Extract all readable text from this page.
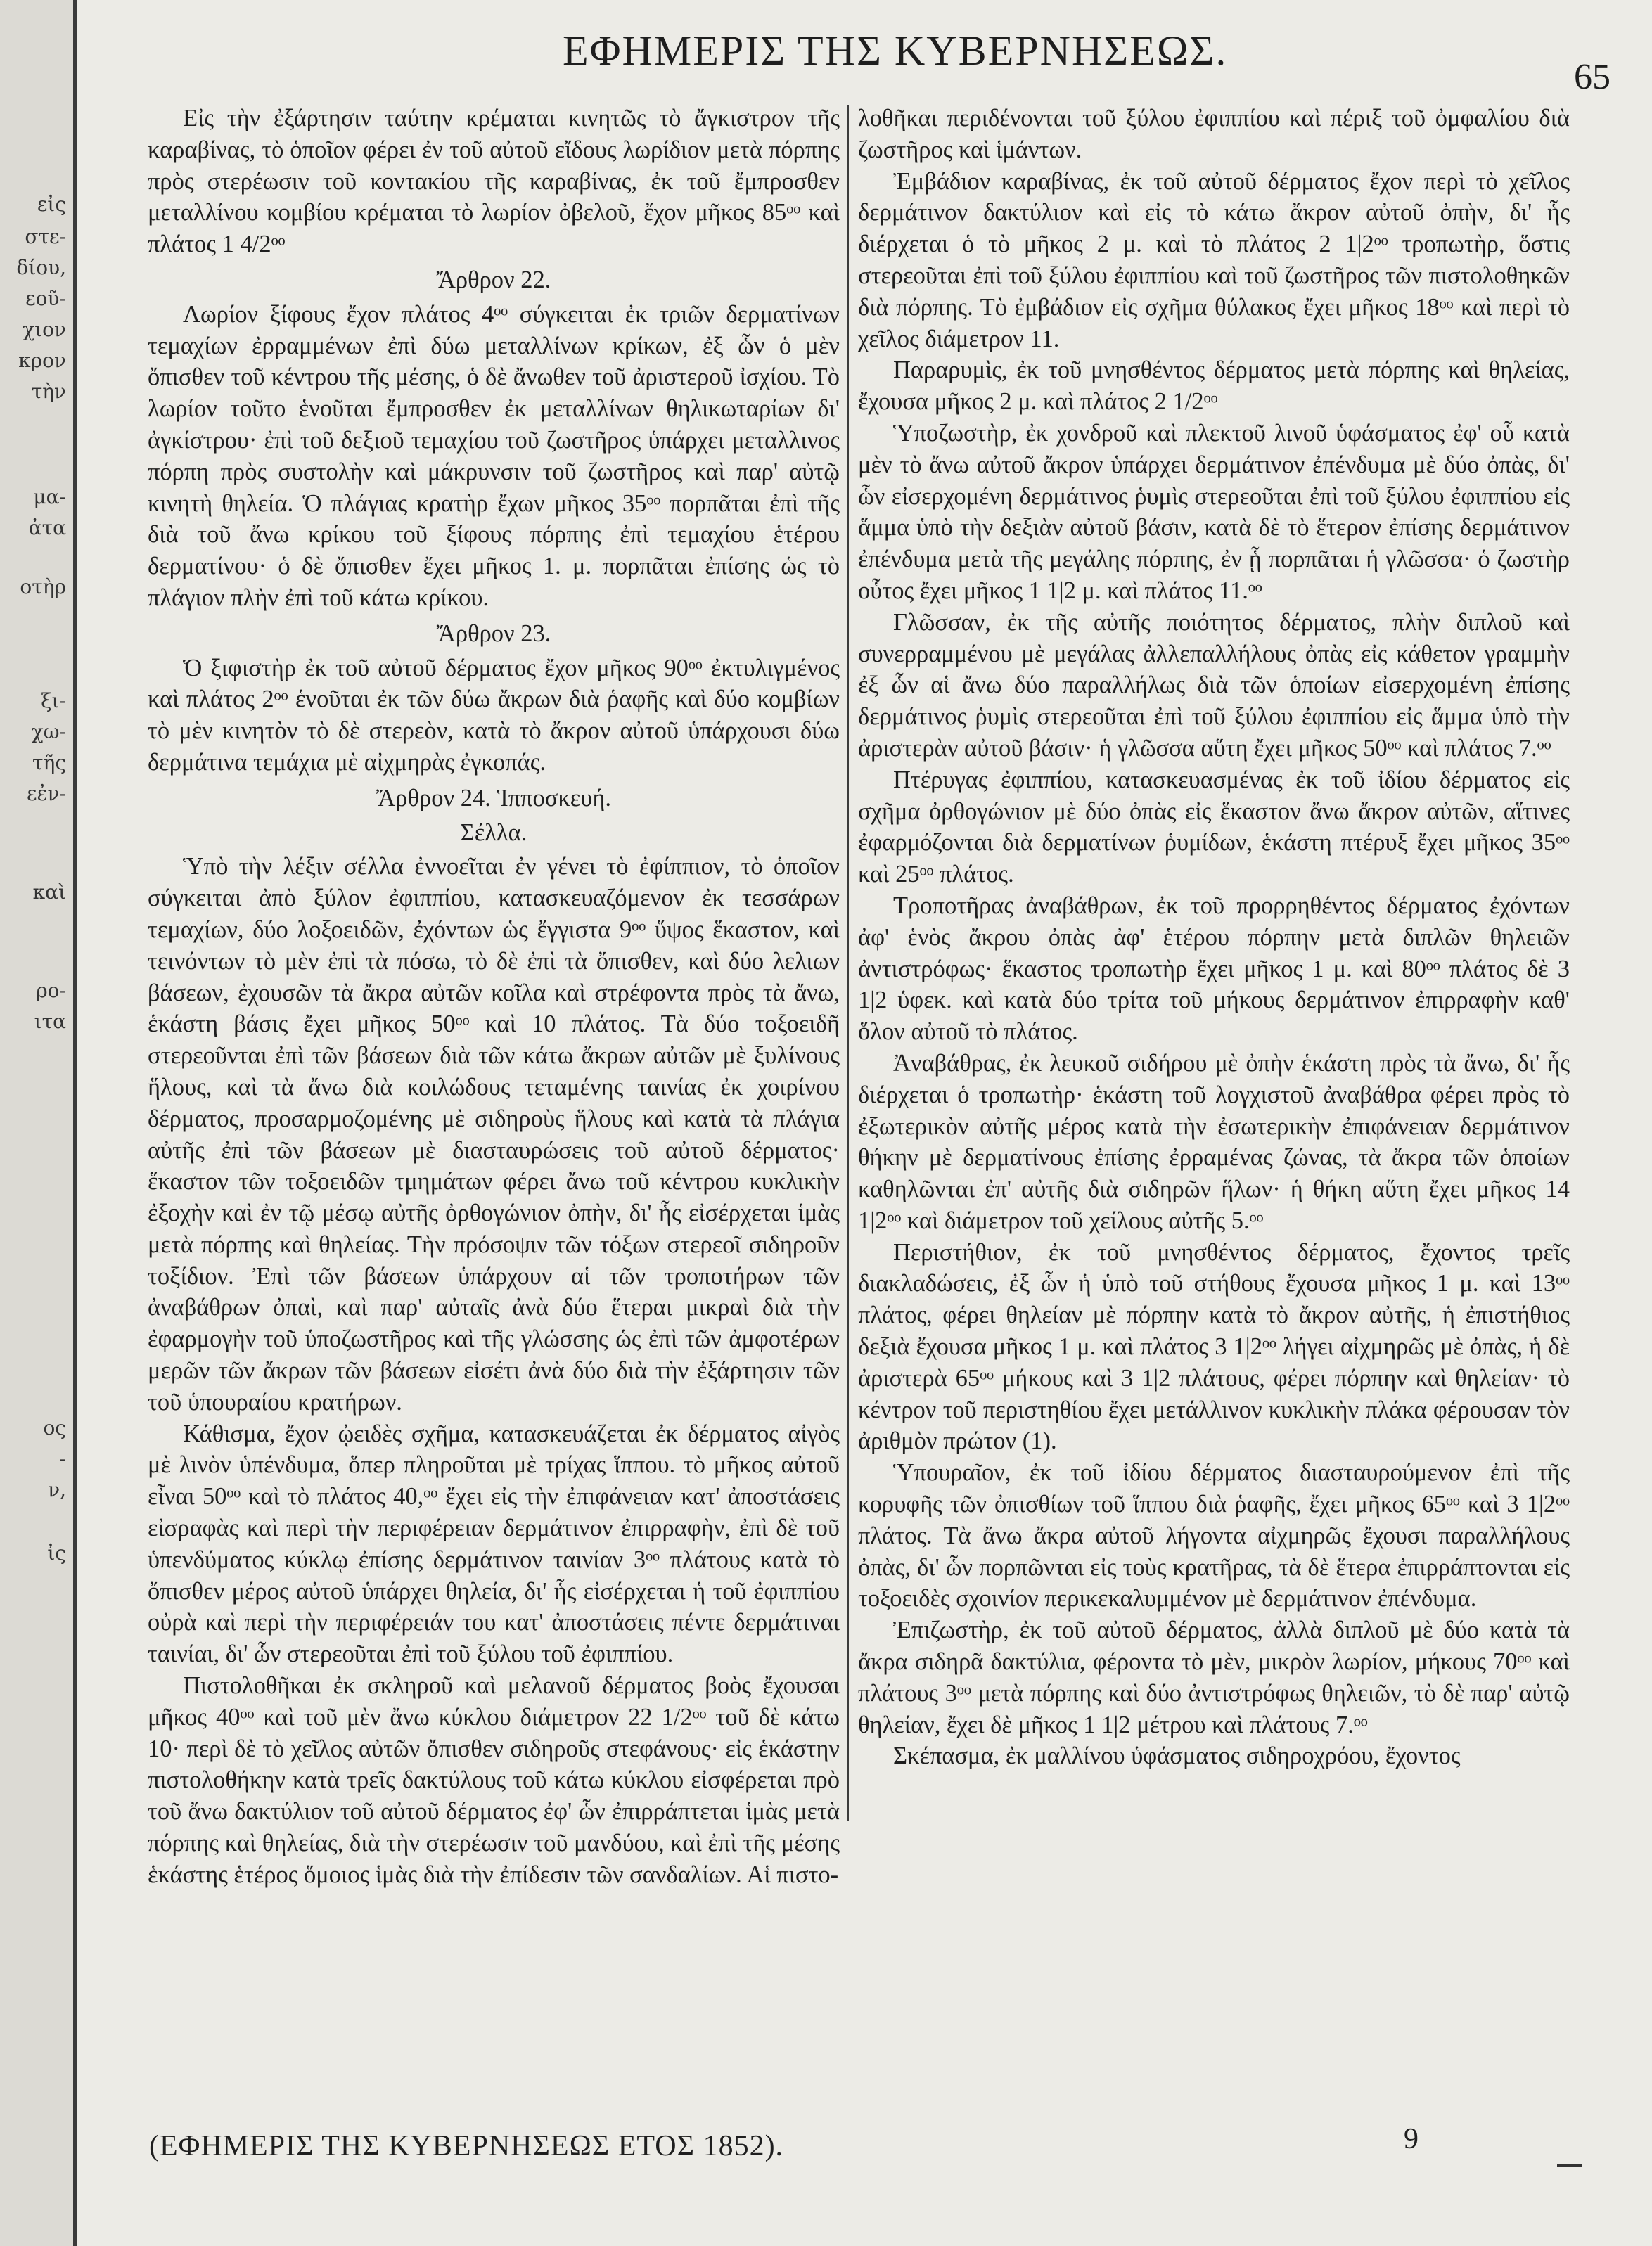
εἰς
στε-
δίου,
εοῦ-
χιον
κρον
τὴν
μα-
ἀτα
οτὴρ
ξι-
χω-
τῆς
εἐν-
καὶ
ρο-
ιτα
ος
-
ν,
ἰς
ΕΦΗΜΕΡΙΣ ΤΗΣ ΚΥΒΕΡΝΗΣΕΩΣ.
65

Εἰς τὴν ἐξάρτησιν ταύτην κρέμαται κινητῶς τὸ ἄγκιστρον τῆς καραβίνας, τὸ ὁποῖον φέρει ἐν τοῦ αὐτοῦ εἴδους λωρίδιον μετὰ πόρπης πρὸς στερέωσιν τοῦ κοντακίου τῆς καραβίνας, ἐκ τοῦ ἔμπροσθεν μεταλλίνου κομβίου κρέμαται τὸ λωρίον ὀβελοῦ, ἔχον μῆκος 85ᵒᵒ καὶ πλάτος 1 4/2ᵒᵒ

Ἄρθρον 22.

Λωρίον ξίφους ἔχον πλάτος 4ᵒᵒ σύγκειται ἐκ τριῶν δερματίνων τεμαχίων ἐρραμμένων ἐπὶ δύω μεταλλίνων κρίκων, ἐξ ὧν ὁ μὲν ὄπισθεν τοῦ κέντρου τῆς μέσης, ὁ δὲ ἄνωθεν τοῦ ἀριστεροῦ ἰσχίου. Τὸ λωρίον τοῦτο ἑνοῦται ἔμπροσθεν ἐκ μεταλλίνων θηλικωταρίων δι' ἀγκίστρου· ἐπὶ τοῦ δεξιοῦ τεμαχίου τοῦ ζωστῆρος ὑπάρχει μεταλλινος πόρπη πρὸς συστολὴν καὶ μάκρυνσιν τοῦ ζωστῆρος καὶ παρ' αὐτῷ κινητὴ θηλεία. Ὁ πλάγιας κρατὴρ ἔχων μῆκος 35ᵒᵒ πορπᾶται ἐπὶ τῆς διὰ τοῦ ἄνω κρίκου τοῦ ξίφους πόρπης ἐπὶ τεμαχίου ἑτέρου δερματίνου· ὁ δὲ ὄπισθεν ἔχει μῆκος 1. μ. πορπᾶται ἐπίσης ὡς τὸ πλάγιον πλὴν ἐπὶ τοῦ κάτω κρίκου.

Ἄρθρον 23.

Ὁ ξιφιστὴρ ἐκ τοῦ αὐτοῦ δέρματος ἔχον μῆκος 90ᵒᵒ ἐκτυλιγμένος καὶ πλάτος 2ᵒᵒ ἑνοῦται ἐκ τῶν δύω ἄκρων διὰ ῥαφῆς καὶ δύο κομβίων τὸ μὲν κινητὸν τὸ δὲ στερεὸν, κατὰ τὸ ἄκρον αὐτοῦ ὑπάρχουσι δύω δερμάτινα τεμάχια μὲ αἰχμηρὰς ἐγκοπάς.

Ἄρθρον 24. Ἱπποσκευή.

Σέλλα.

Ὑπὸ τὴν λέξιν σέλλα ἐννοεῖται ἐν γένει τὸ ἐφίππιον, τὸ ὁποῖον σύγκειται ἀπὸ ξύλον ἐφιππίου, κατασκευαζόμενον ἐκ τεσσάρων τεμαχίων, δύο λοξοειδῶν, ἐχόντων ὡς ἔγγιστα 9ᵒᵒ ὕψος ἕκαστον, καὶ τεινόντων τὸ μὲν ἐπὶ τὰ πόσω, τὸ δὲ ἐπὶ τὰ ὄπισθεν, καὶ δύο λελιων βάσεων, ἐχουσῶν τὰ ἄκρα αὐτῶν κοῖλα καὶ στρέφοντα πρὸς τὰ ἄνω, ἑκάστη βάσις ἔχει μῆκος 50ᵒᵒ καὶ 10 πλάτος. Τὰ δύο τοξοειδῆ στερεοῦνται ἐπὶ τῶν βάσεων διὰ τῶν κάτω ἄκρων αὐτῶν μὲ ξυλίνους ἥλους, καὶ τὰ ἄνω διὰ κοιλώδους τεταμένης ταινίας ἐκ χοιρίνου δέρματος, προσαρμοζομένης μὲ σιδηροὺς ἥλους καὶ κατὰ τὰ πλάγια αὐτῆς ἐπὶ τῶν βάσεων μὲ διασταυρώσεις τοῦ αὐτοῦ δέρματος· ἕκαστον τῶν τοξοειδῶν τμημάτων φέρει ἄνω τοῦ κέντρου κυκλικὴν ἐξοχὴν καὶ ἐν τῷ μέσῳ αὐτῆς ὀρθογώνιον ὀπὴν, δι' ἧς εἰσέρχεται ἱμὰς μετὰ πόρπης καὶ θηλείας. Τὴν πρόσοψιν τῶν τόξων στερεοῖ σιδηροῦν τοξίδιον. Ἐπὶ τῶν βάσεων ὑπάρχουν αἱ τῶν τροποτήρων τῶν ἀναβάθρων ὀπαὶ, καὶ παρ' αὐταῖς ἀνὰ δύο ἕτεραι μικραὶ διὰ τὴν ἐφαρμογὴν τοῦ ὑποζωστῆρος καὶ τῆς γλώσσης ὡς ἐπὶ τῶν ἀμφοτέρων μερῶν τῶν ἄκρων τῶν βάσεων εἰσέτι ἀνὰ δύο διὰ τὴν ἐξάρτησιν τῶν τοῦ ὑπουραίου κρατήρων.

Κάθισμα, ἔχον ᾠειδὲς σχῆμα, κατασκευάζεται ἐκ δέρματος αἰγὸς μὲ λινὸν ὑπένδυμα, ὅπερ πληροῦται μὲ τρίχας ἵππου. τὸ μῆκος αὐτοῦ εἶναι 50ᵒᵒ καὶ τὸ πλάτος 40,ᵒᵒ ἔχει εἰς τὴν ἐπιφάνειαν κατ' ἀποστάσεις εἰσραφὰς καὶ περὶ τὴν περιφέρειαν δερμάτινον ἐπιρραφὴν, ἐπὶ δὲ τοῦ ὑπενδύματος κύκλῳ ἐπίσης δερμάτινον ταινίαν 3ᵒᵒ πλάτους κατὰ τὸ ὄπισθεν μέρος αὐτοῦ ὑπάρχει θηλεία, δι' ἧς εἰσέρχεται ἡ τοῦ ἐφιππίου οὐρὰ καὶ περὶ τὴν περιφέρειάν του κατ' ἀποστάσεις πέντε δερμάτιναι ταινίαι, δι' ὧν στερεοῦται ἐπὶ τοῦ ξύλου τοῦ ἐφιππίου.

Πιστολοθῆκαι ἐκ σκληροῦ καὶ μελανοῦ δέρματος βοὸς ἔχουσαι μῆκος 40ᵒᵒ καὶ τοῦ μὲν ἄνω κύκλου διάμετρον 22 1/2ᵒᵒ τοῦ δὲ κάτω 10· περὶ δὲ τὸ χεῖλος αὐτῶν ὄπισθεν σιδηροῦς στεφάνους· εἰς ἑκάστην πιστολοθήκην κατὰ τρεῖς δακτύλους τοῦ κάτω κύκλου εἰσφέρεται πρὸ τοῦ ἄνω δακτύλιον τοῦ αὐτοῦ δέρματος ἐφ' ὧν ἐπιρράπτεται ἱμὰς μετὰ πόρπης καὶ θηλείας, διὰ τὴν στερέωσιν τοῦ μανδύου, καὶ ἐπὶ τῆς μέσης ἑκάστης ἑτέρος ὅμοιος ἱμὰς διὰ τὴν ἐπίδεσιν τῶν σανδαλίων. Αἱ πιστο-

λοθῆκαι περιδένονται τοῦ ξύλου ἐφιππίου καὶ πέριξ τοῦ ὀμφαλίου διὰ ζωστῆρος καὶ ἱμάντων.

Ἐμβάδιον καραβίνας, ἐκ τοῦ αὐτοῦ δέρματος ἔχον περὶ τὸ χεῖλος δερμάτινον δακτύλιον καὶ εἰς τὸ κάτω ἄκρον αὐτοῦ ὀπὴν, δι' ἧς διέρχεται ὁ τὸ μῆκος 2 μ. καὶ τὸ πλάτος 2 1|2ᵒᵒ τροπωτὴρ, ὅστις στερεοῦται ἐπὶ τοῦ ξύλου ἐφιππίου καὶ τοῦ ζωστῆρος τῶν πιστολοθηκῶν διὰ πόρπης. Τὸ ἐμβάδιον εἰς σχῆμα θύλακος ἔχει μῆκος 18ᵒᵒ καὶ περὶ τὸ χεῖλος διάμετρον 11.

Παραρυμὶς, ἐκ τοῦ μνησθέντος δέρματος μετὰ πόρπης καὶ θηλείας, ἔχουσα μῆκος 2 μ. καὶ πλάτος 2 1/2ᵒᵒ

Ὑποζωστὴρ, ἐκ χονδροῦ καὶ πλεκτοῦ λινοῦ ὑφάσματος ἐφ' οὗ κατὰ μὲν τὸ ἄνω αὐτοῦ ἄκρον ὑπάρχει δερμάτινον ἐπένδυμα μὲ δύο ὀπὰς, δι' ὧν εἰσερχομένη δερμάτινος ῥυμὶς στερεοῦται ἐπὶ τοῦ ξύλου ἐφιππίου εἰς ἅμμα ὑπὸ τὴν δεξιὰν αὐτοῦ βάσιν, κατὰ δὲ τὸ ἕτερον ἐπίσης δερμάτινον ἐπένδυμα μετὰ τῆς μεγάλης πόρπης, ἐν ᾗ πορπᾶται ἡ γλῶσσα· ὁ ζωστὴρ οὗτος ἔχει μῆκος 1 1|2 μ. καὶ πλάτος 11.ᵒᵒ

Γλῶσσαν, ἐκ τῆς αὐτῆς ποιότητος δέρματος, πλὴν διπλοῦ καὶ συνερραμμένου μὲ μεγάλας ἀλλεπαλλήλους ὀπὰς εἰς κάθετον γραμμὴν ἐξ ὧν αἱ ἄνω δύο παραλλήλως διὰ τῶν ὁποίων εἰσερχομένη ἐπίσης δερμάτινος ῥυμὶς στερεοῦται ἐπὶ τοῦ ξύλου ἐφιππίου εἰς ἅμμα ὑπὸ τὴν ἀριστερὰν αὐτοῦ βάσιν· ἡ γλῶσσα αὕτη ἔχει μῆκος 50ᵒᵒ καὶ πλάτος 7.ᵒᵒ

Πτέρυγας ἐφιππίου, κατασκευασμένας ἐκ τοῦ ἰδίου δέρματος εἰς σχῆμα ὀρθογώνιον μὲ δύο ὀπὰς εἰς ἕκαστον ἄνω ἄκρον αὐτῶν, αἵτινες ἐφαρμόζονται διὰ δερματίνων ῥυμίδων, ἑκάστη πτέρυξ ἔχει μῆκος 35ᵒᵒ καὶ 25ᵒᵒ πλάτος.

Τροποτῆρας ἀναβάθρων, ἐκ τοῦ προρρηθέντος δέρματος ἐχόντων ἀφ' ἑνὸς ἄκρου ὀπὰς ἀφ' ἑτέρου πόρπην μετὰ διπλῶν θηλειῶν ἀντιστρόφως· ἕκαστος τροπωτὴρ ἔχει μῆκος 1 μ. καὶ 80ᵒᵒ πλάτος δὲ 3 1|2 ὑφεκ. καὶ κατὰ δύο τρίτα τοῦ μήκους δερμάτινον ἐπιρραφὴν καθ' ὅλον αὐτοῦ τὸ πλάτος.

Ἀναβάθρας, ἐκ λευκοῦ σιδήρου μὲ ὀπὴν ἑκάστη πρὸς τὰ ἄνω, δι' ἧς διέρχεται ὁ τροπωτὴρ· ἑκάστη τοῦ λογχιστοῦ ἀναβάθρα φέρει πρὸς τὸ ἐξωτερικὸν αὐτῆς μέρος κατὰ τὴν ἐσωτερικὴν ἐπιφάνειαν δερμάτινον θήκην μὲ δερματίνους ἐπίσης ἐρραμένας ζώνας, τὰ ἄκρα τῶν ὁποίων καθηλῶνται ἐπ' αὐτῆς διὰ σιδηρῶν ἥλων· ἡ θήκη αὕτη ἔχει μῆκος 14 1|2ᵒᵒ καὶ διάμετρον τοῦ χείλους αὐτῆς 5.ᵒᵒ

Περιστήθιον, ἐκ τοῦ μνησθέντος δέρματος, ἔχοντος τρεῖς διακλαδώσεις, ἐξ ὧν ἡ ὑπὸ τοῦ στήθους ἔχουσα μῆκος 1 μ. καὶ 13ᵒᵒ πλάτος, φέρει θηλείαν μὲ πόρπην κατὰ τὸ ἄκρον αὐτῆς, ἡ ἐπιστήθιος δεξιὰ ἔχουσα μῆκος 1 μ. καὶ πλάτος 3 1|2ᵒᵒ λήγει αἰχμηρῶς μὲ ὀπὰς, ἡ δὲ ἀριστερὰ 65ᵒᵒ μήκους καὶ 3 1|2 πλάτους, φέρει πόρπην καὶ θηλείαν· τὸ κέντρον τοῦ περιστηθίου ἔχει μετάλλινον κυκλικὴν πλάκα φέρουσαν τὸν ἀριθμὸν πρώτον (1).

Ὑπουραῖον, ἐκ τοῦ ἰδίου δέρματος διασταυρούμενον ἐπὶ τῆς κορυφῆς τῶν ὀπισθίων τοῦ ἵππου διὰ ῥαφῆς, ἔχει μῆκος 65ᵒᵒ καὶ 3 1|2ᵒᵒ πλάτος. Τὰ ἄνω ἄκρα αὐτοῦ λήγοντα αἰχμηρῶς ἔχουσι παραλλήλους ὀπὰς, δι' ὧν πορπῶνται εἰς τοὺς κρατῆρας, τὰ δὲ ἕτερα ἐπιρράπτονται εἰς τοξοειδὲς σχοινίον περικεκαλυμμένον μὲ δερμάτινον ἐπένδυμα.

Ἐπιζωστὴρ, ἐκ τοῦ αὐτοῦ δέρματος, ἀλλὰ διπλοῦ μὲ δύο κατὰ τὰ ἄκρα σιδηρᾶ δακτύλια, φέροντα τὸ μὲν, μικρὸν λωρίον, μήκους 70ᵒᵒ καὶ πλάτους 3ᵒᵒ μετὰ πόρπης καὶ δύο ἀντιστρόφως θηλειῶν, τὸ δὲ παρ' αὐτῷ θηλείαν, ἔχει δὲ μῆκος 1 1|2 μέτρου καὶ πλάτους 7.ᵒᵒ

Σκέπασμα, ἐκ μαλλίνου ὑφάσματος σιδηροχρόου, ἔχοντος

(ΕΦΗΜΕΡΙΣ ΤΗΣ ΚΥΒΕΡΝΗΣΕΩΣ ΕΤΟΣ 1852).	9
